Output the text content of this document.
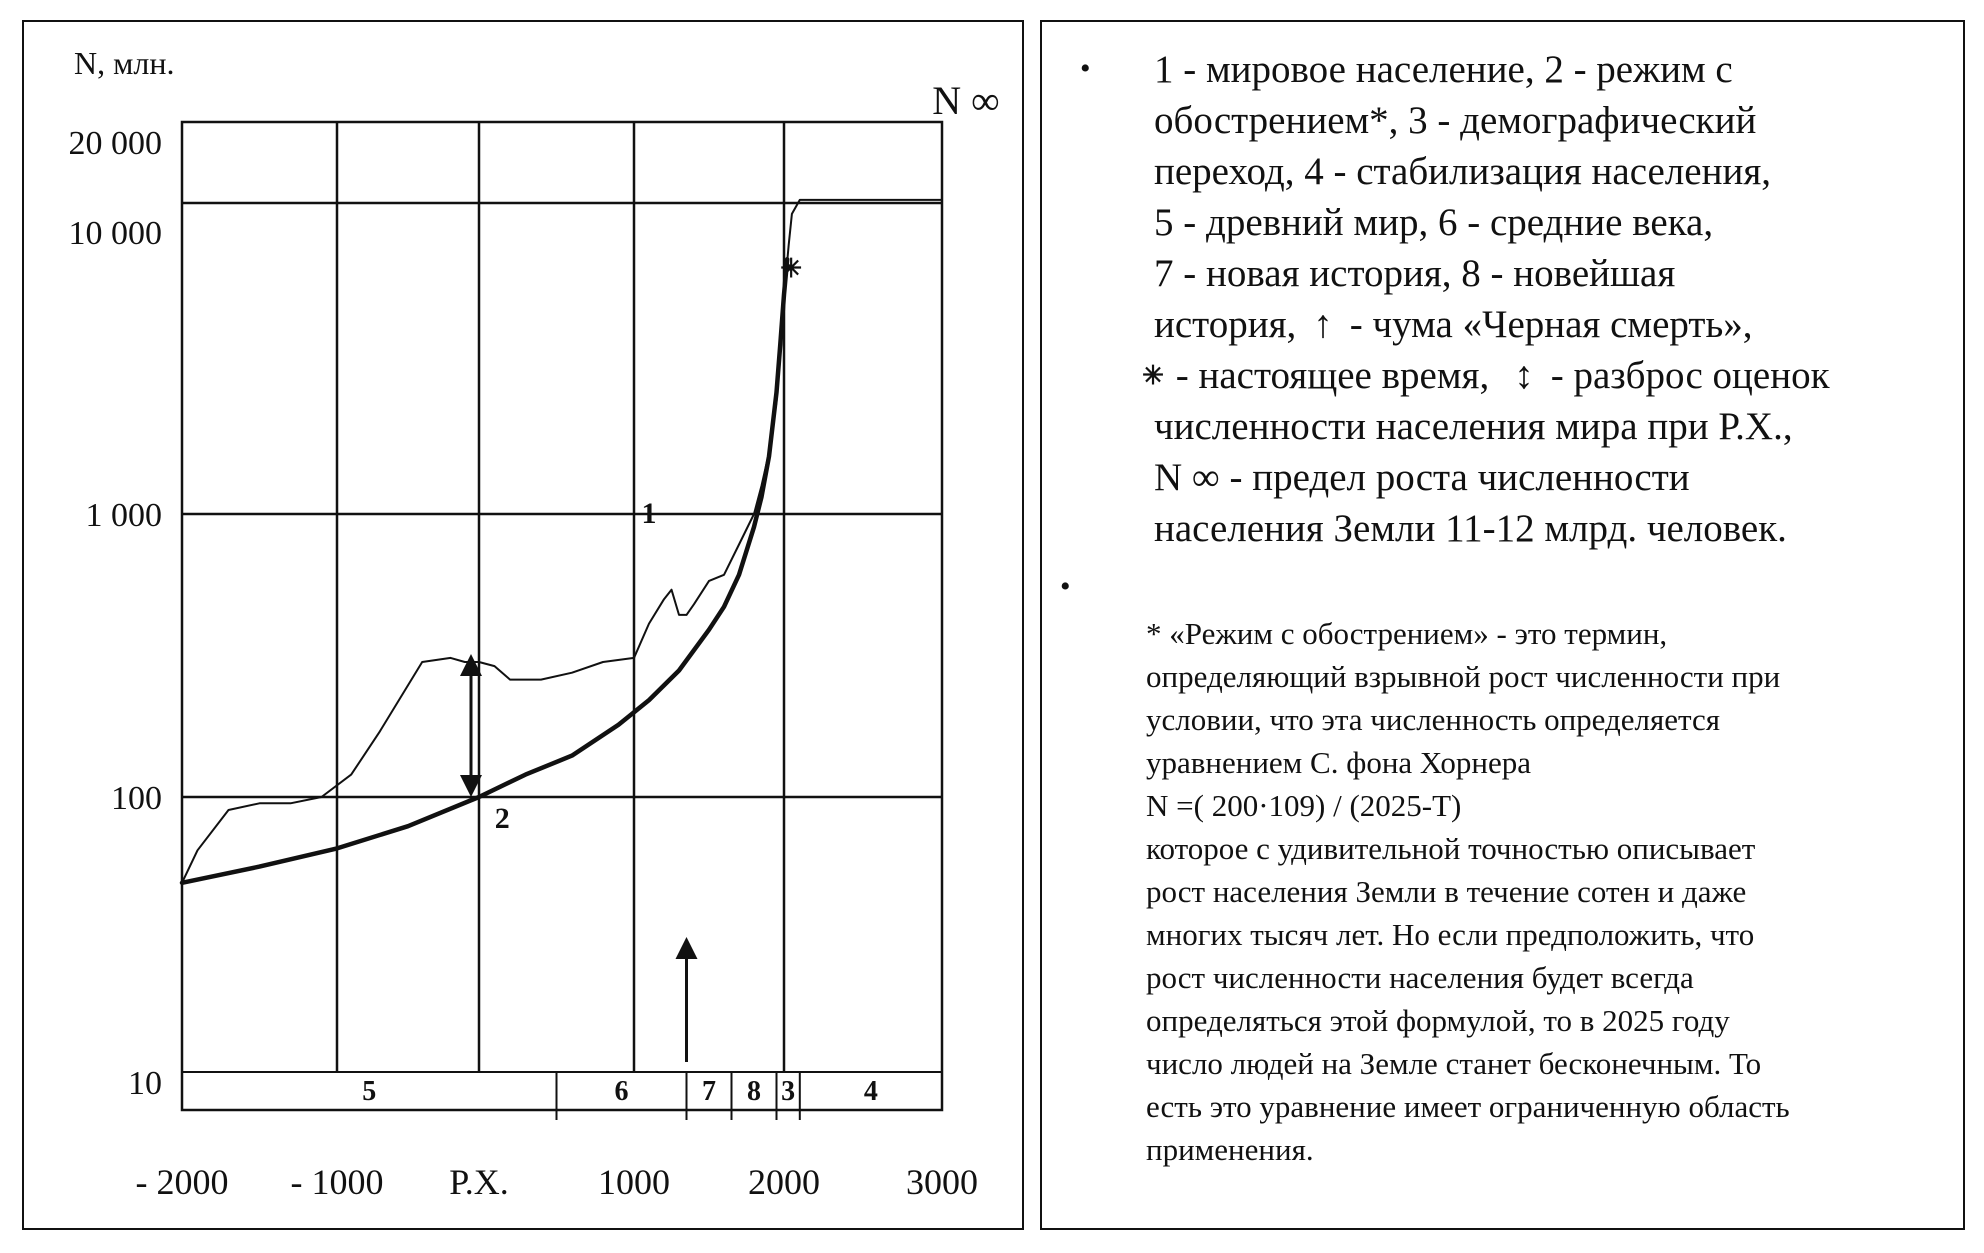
20 000
10 000
1 000
100
10
- 2000 - 1000 Р.Х. 1000 2000 3000
N, млн.
N ∞
5	6	7 8 3 4
1
2
✳
•
•
1 - мировое население, 2 - режим с
обострением*, 3 - демографический
переход, 4 - стабилизация населения,
5 - древний мир, 6 - средние века,
7 - новая история, 8 - новейшая
история, ↑ - чума «Черная смерть»,
✳ - настоящее время, ↕ - разброс оценок
численности населения мира при Р.Х.,
N ∞ - предел роста численности
населения Земли 11-12 млрд. человек.
* «Режим с обострением» - это термин,
определяющий взрывной рост численности при
условии, что эта численность определяется
уравнением С. фона Хорнера
N =( 200·109) / (2025-T)
которое с удивительной точностью описывает
рост населения Земли в течение сотен и даже
многих тысяч лет. Но если предположить, что
рост численности населения будет всегда
определяться этой формулой, то в 2025 году
число людей на Земле станет бесконечным. То
есть это уравнение имеет ограниченную область
применения.
